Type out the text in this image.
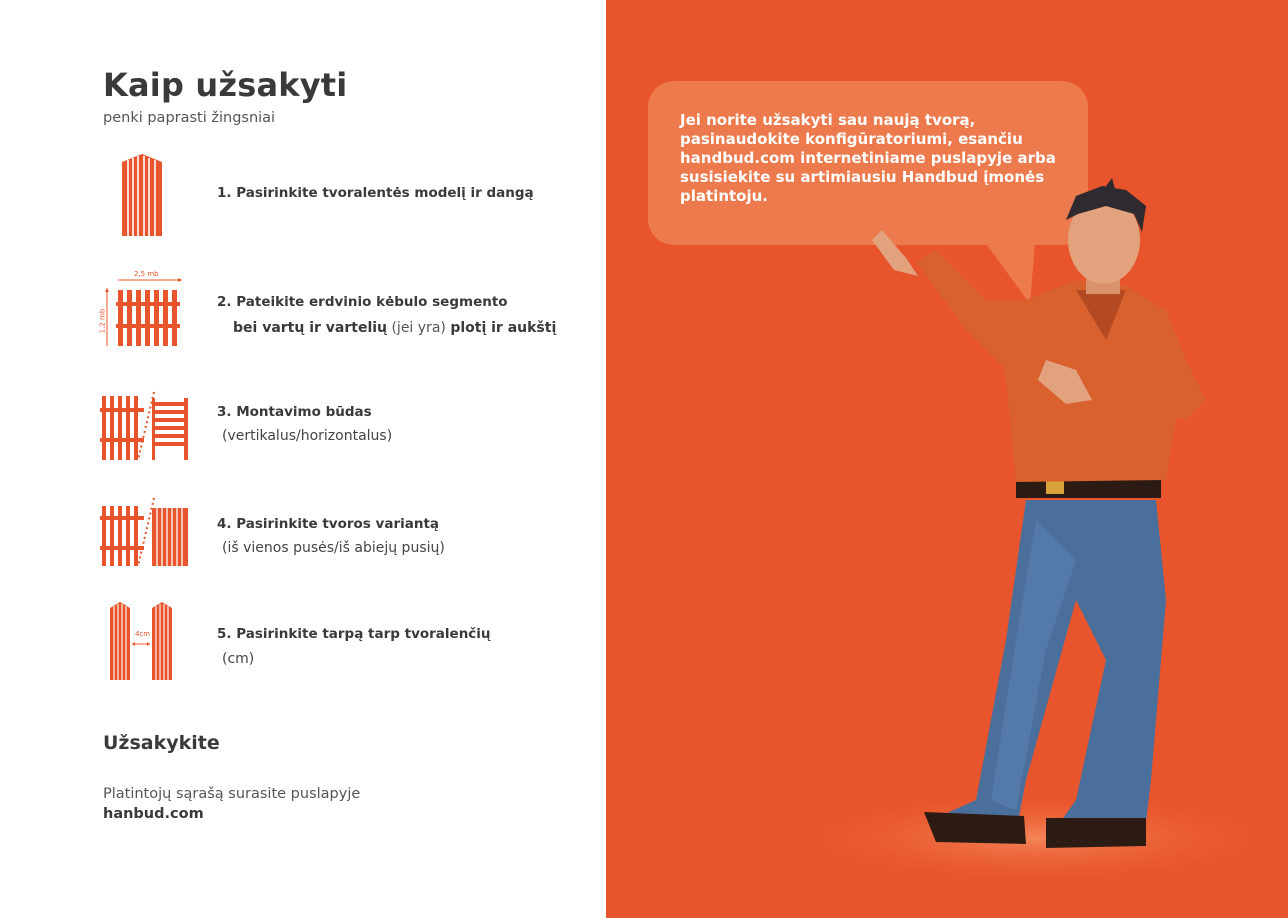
Kaip užsakyti
penki paprasti žingsniai
1. Pasirinkite tvoralentės modelį ir dangą
2,5 mb
1,2 mb
2. Pateikite erdvinio kėbulo segmento
bei vartų ir vartelių (jei yra) plotį ir aukštį
3. Montavimo būdas
(vertikalus/horizontalus)
4. Pasirinkite tvoros variantą
(iš vienos pusės/iš abiejų pusių)
4cm	5. Pasirinkite tarpą tarp tvoralenčių
(cm)
Užsakykite
Platintojų sąrašą surasite puslapyje
hanbud.com
Jei norite užsakyti sau naują tvorą, pasinaudokite konfigūratoriumi, esančiu handbud.com internetiniame puslapyje arba susisiekite su artimiausiu Handbud įmonės platintoju.
